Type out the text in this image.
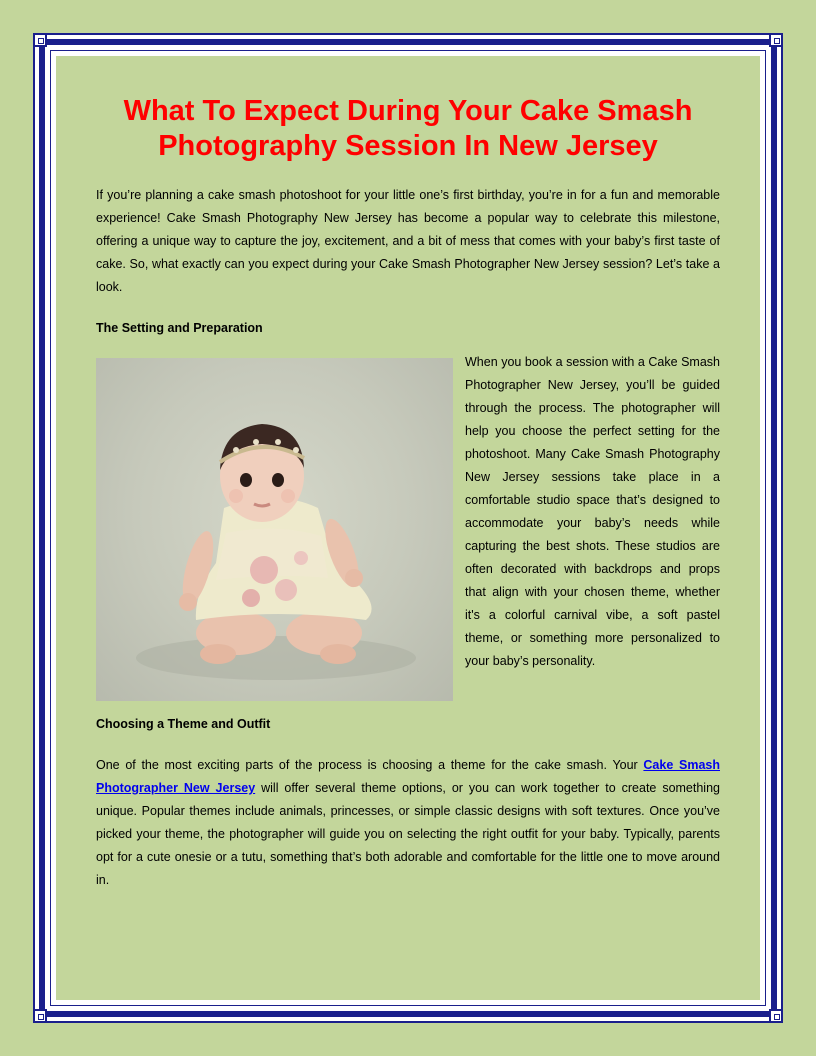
What To Expect During Your Cake Smash Photography Session In New Jersey

If you’re planning a cake smash photoshoot for your little one’s first birthday, you’re in for a fun and memorable experience! Cake Smash Photography New Jersey has become a popular way to celebrate this milestone, offering a unique way to capture the joy, excitement, and a bit of mess that comes with your baby’s first taste of cake. So, what exactly can you expect during your Cake Smash Photographer New Jersey session? Let’s take a look.

The Setting and Preparation

When you book a session with a Cake Smash Photographer New Jersey, you’ll be guided through the process. The photographer will help you choose the perfect setting for the photoshoot. Many Cake Smash Photography New Jersey sessions take place in a comfortable studio space that’s designed to accommodate your baby’s needs while capturing the best shots. These studios are often decorated with backdrops and props that align with your chosen theme, whether it's a colorful carnival vibe, a soft pastel theme, or something more personalized to your baby’s personality.

Choosing a Theme and Outfit

One of the most exciting parts of the process is choosing a theme for the cake smash. Your Cake Smash Photographer New Jersey will offer several theme options, or you can work together to create something unique. Popular themes include animals, princesses, or simple classic designs with soft textures. Once you’ve picked your theme, the photographer will guide you on selecting the right outfit for your baby. Typically, parents opt for a cute onesie or a tutu, something that’s both adorable and comfortable for the little one to move around in.
